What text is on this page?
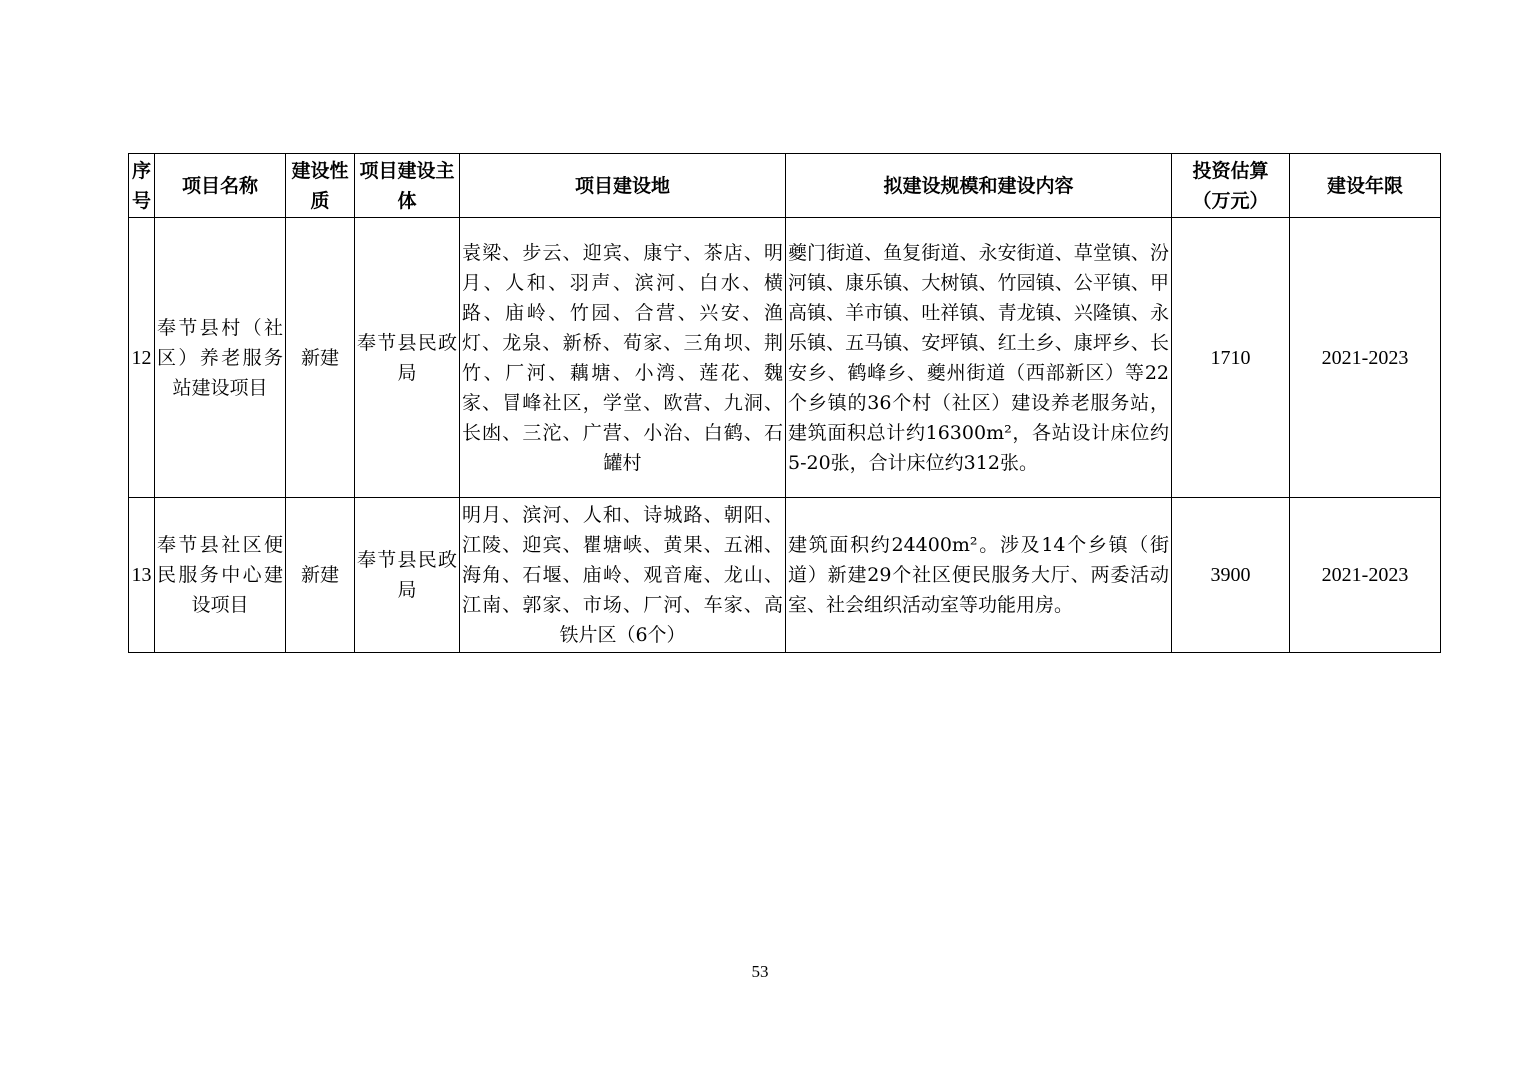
序号	项目名称	建设性质	项目建设主体	项目建设地	拟建设规模和建设内容	投资估算（万元）	建设年限
12	奉节县村（社区）养老服务站建设项目	新建	奉节县民政局	袁梁、步云、迎宾、康宁、茶店、明月、人和、羽声、滨河、白水、横路、庙岭、竹园、合营、兴安、渔灯、龙泉、新桥、荀家、三角坝、荆竹、厂河、藕塘、小湾、莲花、魏家、冒峰社区，学堂、欧营、九洞、长凼、三沱、广营、小治、白鹤、石罐村	夔门街道、鱼复街道、永安街道、草堂镇、汾河镇、康乐镇、大树镇、竹园镇、公平镇、甲高镇、羊市镇、吐祥镇、青龙镇、兴隆镇、永乐镇、五马镇、安坪镇、红土乡、康坪乡、长安乡、鹤峰乡、夔州街道（西部新区）等22个乡镇的36个村（社区）建设养老服务站，建筑面积总计约16300m²，各站设计床位约5-20张，合计床位约312张。	1710	2021-2023
13	奉节县社区便民服务中心建设项目	新建	奉节县民政局	明月、滨河、人和、诗城路、朝阳、江陵、迎宾、瞿塘峡、黄果、五湘、海角、石堰、庙岭、观音庵、龙山、江南、郭家、市场、厂河、车家、高铁片区（6个）	建筑面积约24400m²。涉及14个乡镇（街道）新建29个社区便民服务大厅、两委活动室、社会组织活动室等功能用房。	3900	2021-2023
53
